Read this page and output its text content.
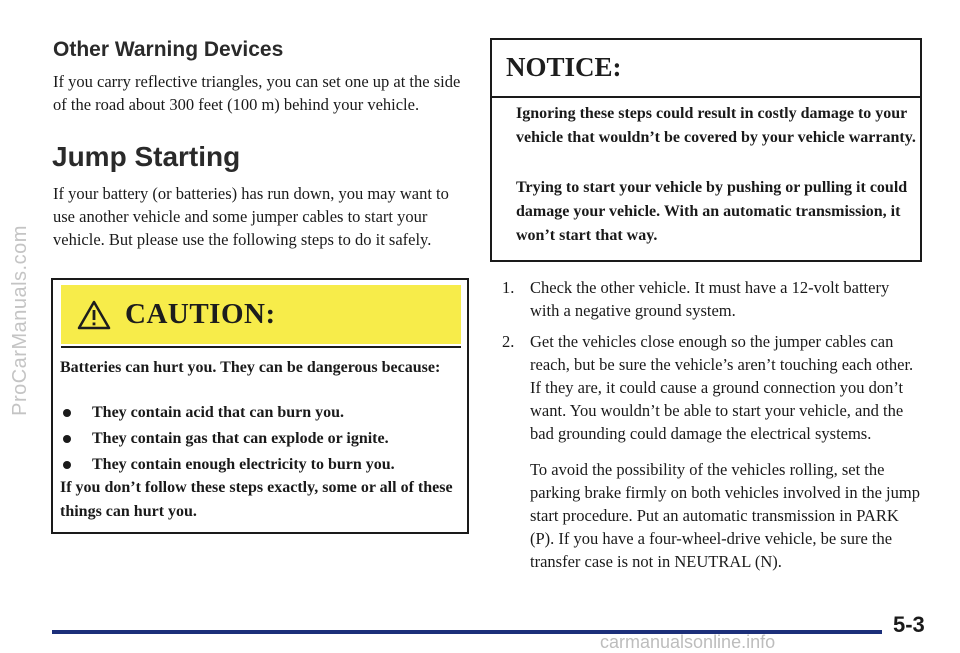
ProCarManuals.com
Other Warning Devices
If you carry reflective triangles, you can set one up at the side of the road about 300 feet (100 m) behind your vehicle.
Jump Starting
If your battery (or batteries) has run down, you may want to use another vehicle and some jumper cables to start your vehicle. But please use the following steps to do it safely.
CAUTION:
Batteries can hurt you. They can be dangerous because:
They contain acid that can burn you.
They contain gas that can explode or ignite.
They contain enough electricity to burn you.
If you don’t follow these steps exactly, some or all of these things can hurt you.
NOTICE:
Ignoring these steps could result in costly damage to your vehicle that wouldn’t be covered by your vehicle warranty.
Trying to start your vehicle by pushing or pulling it could damage your vehicle. With an automatic transmission, it won’t start that way.
1. Check the other vehicle. It must have a 12-volt battery with a negative ground system.
2. Get the vehicles close enough so the jumper cables can reach, but be sure the vehicle’s aren’t touching each other. If they are, it could cause a ground connection you don’t want. You wouldn’t be able to start your vehicle, and the bad grounding could damage the electrical systems.
To avoid the possibility of the vehicles rolling, set the parking brake firmly on both vehicles involved in the jump start procedure. Put an automatic transmission in PARK (P). If you have a four-wheel-drive vehicle, be sure the transfer case is not in NEUTRAL (N).
5-3
carmanualsonline.info
